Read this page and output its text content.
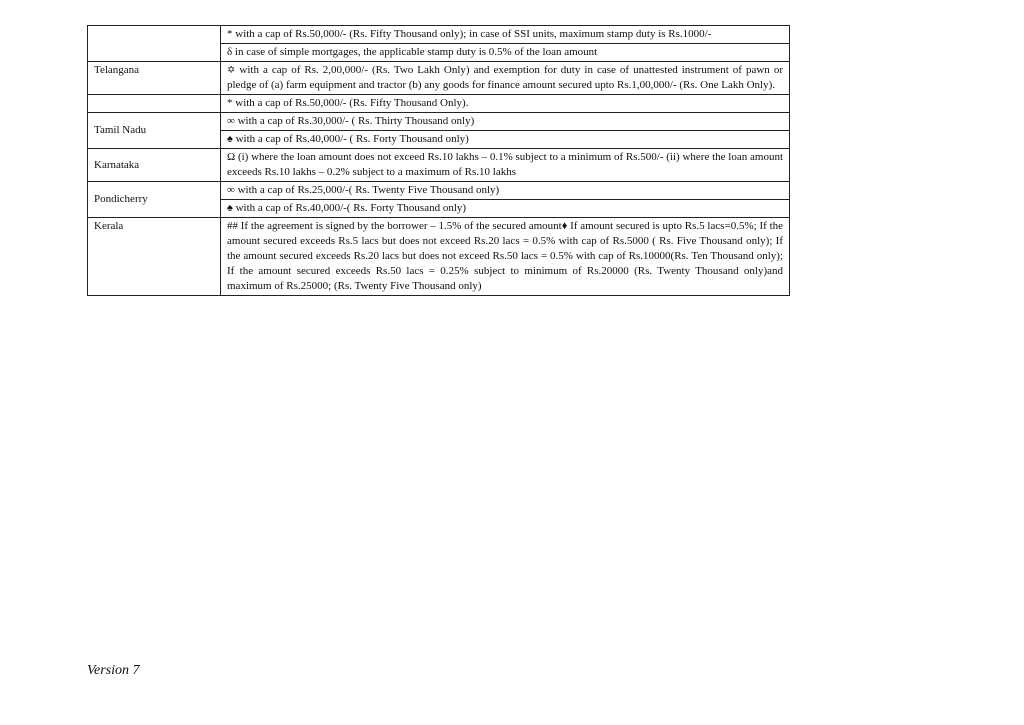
	* with a cap of Rs.50,000/- (Rs. Fifty Thousand only); in case of SSI units, maximum stamp duty is Rs.1000/-
	δ in case of simple mortgages, the applicable stamp duty is 0.5% of the loan amount
Telangana	✡ with a cap of Rs. 2,00,000/- (Rs. Two Lakh Only) and exemption for duty in case of unattested instrument of pawn or pledge of (a) farm equipment and tractor (b) any goods for finance amount secured upto Rs.1,00,000/- (Rs. One Lakh Only).
	* with a cap of Rs.50,000/- (Rs. Fifty Thousand Only).
Tamil Nadu	∞ with a cap of Rs.30,000/- ( Rs. Thirty Thousand only)
	♠ with a cap of Rs.40,000/- ( Rs. Forty Thousand only)
Karnataka	Ω (i) where the loan amount does not exceed Rs.10 lakhs – 0.1% subject to a minimum of Rs.500/- (ii) where the loan amount exceeds Rs.10 lakhs – 0.2% subject to a maximum of Rs.10 lakhs
Pondicherry	∞ with a cap of Rs.25,000/-( Rs. Twenty Five Thousand only)
	♠ with a cap of Rs.40,000/-( Rs. Forty Thousand only)
Kerala	## If the agreement is signed by the borrower – 1.5% of the secured amount♦ If amount secured is upto Rs.5 lacs=0.5%; If the amount secured exceeds Rs.5 lacs but does not exceed Rs.20 lacs = 0.5% with cap of Rs.5000 ( Rs. Five Thousand only); If the amount secured exceeds Rs.20 lacs but does not exceed Rs.50 lacs = 0.5% with cap of Rs.10000(Rs. Ten Thousand only); If the amount secured exceeds Rs.50 lacs = 0.25% subject to minimum of Rs.20000 (Rs. Twenty Thousand only)and maximum of Rs.25000; (Rs. Twenty Five Thousand only)
Version 7
